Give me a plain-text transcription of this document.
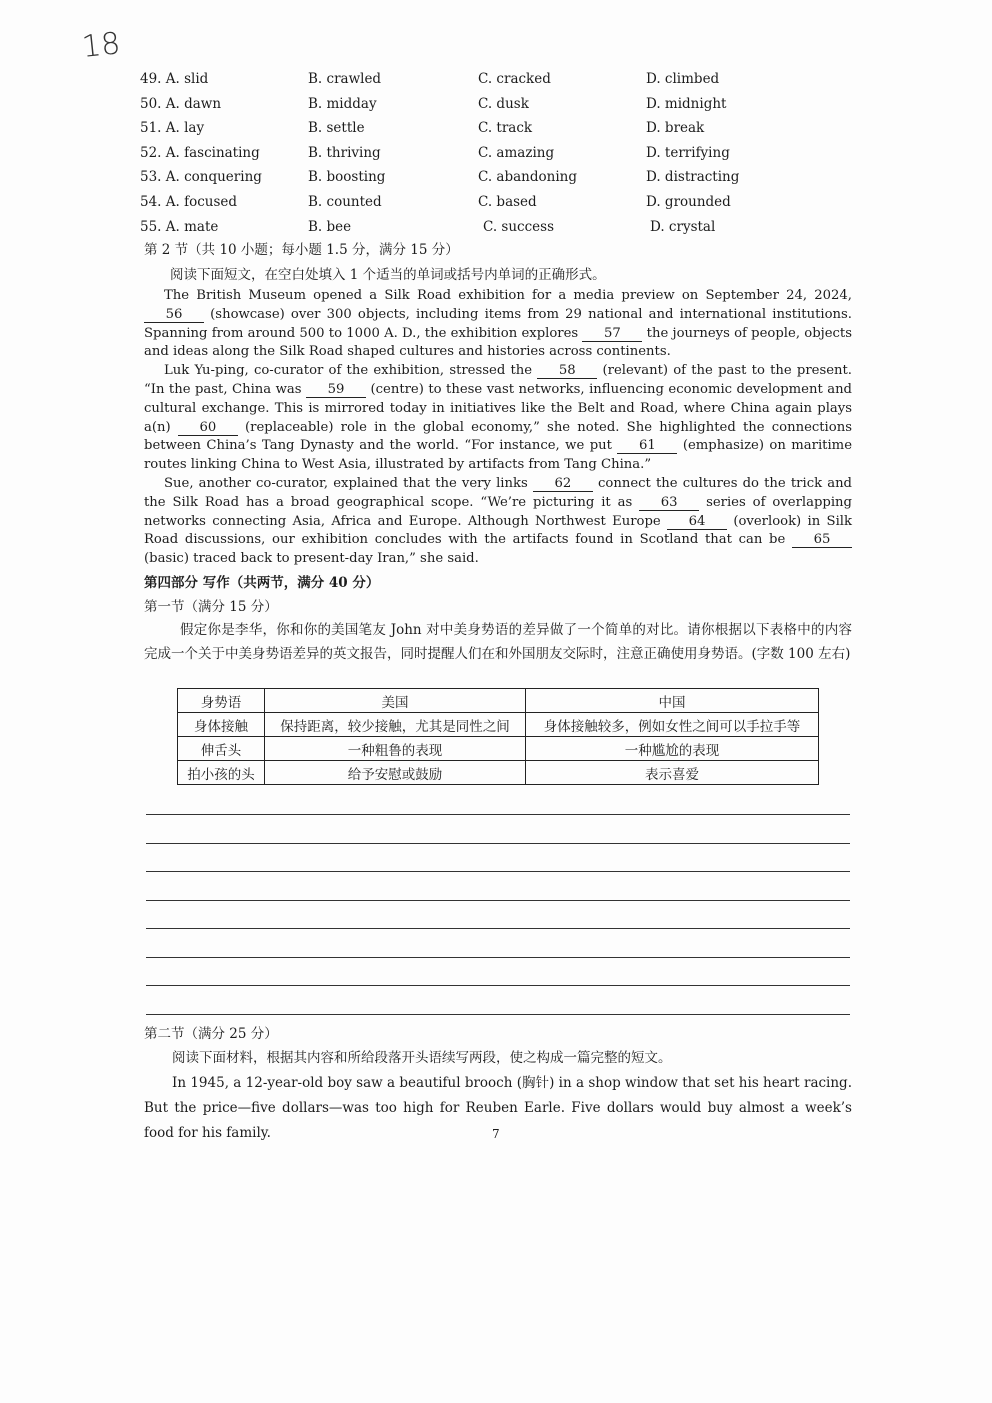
18
49. A. slid	B. crawled	C. cracked	D. climbed
50. A. dawn	B. midday	C. dusk	D. midnight
51. A. lay	B. settle	C. track	D. break
52. A. fascinating	B. thriving	C. amazing	D. terrifying
53. A. conquering	B. boosting	C. abandoning	D. distracting
54. A. focused	B. counted	C. based	D. grounded
55. A. mate	B. bee	C. success	D. crystal
第 2 节（共 10 小题；每小题 1.5 分，满分 15 分）
阅读下面短文，在空白处填入 1 个适当的单词或括号内单词的正确形式。

The British Museum opened a Silk Road exhibition for a media preview on September 24, 2024, 56 (showcase) over 300 objects, including items from 29 national and international institutions. Spanning from around 500 to 1000 A. D., the exhibition explores 57 the journeys of people, objects and ideas along the Silk Road shaped cultures and histories across continents.

Luk Yu-ping, co-curator of the exhibition, stressed the 58 (relevant) of the past to the present. “In the past, China was 59 (centre) to these vast networks, influencing economic development and cultural exchange. This is mirrored today in initiatives like the Belt and Road, where China again plays a(n) 60 (replaceable) role in the global economy,” she noted. She highlighted the connections between China’s Tang Dynasty and the world. “For instance, we put 61 (emphasize) on maritime routes linking China to West Asia, illustrated by artifacts from Tang China.”

Sue, another co-curator, explained that the very links 62 connect the cultures do the trick and the Silk Road has a broad geographical scope. “We’re picturing it as 63 series of overlapping networks connecting Asia, Africa and Europe. Although Northwest Europe 64 (overlook) in Silk Road discussions, our exhibition concludes with the artifacts found in Scotland that can be 65 (basic) traced back to present-day Iran,” she said.

第四部分 写作（共两节，满分 40 分）
第一节（满分 15 分）

假定你是李华，你和你的美国笔友 John 对中美身势语的差异做了一个简单的对比。请你根据以下表格中的内容完成一个关于中美身势语差异的英文报告，同时提醒人们在和外国朋友交际时，注意正确使用身势语。(字数 100 左右)

身势语	美国	中国
身体接触	保持距离，较少接触，尤其是同性之间	身体接触较多，例如女性之间可以手拉手等
伸舌头	一种粗鲁的表现	一种尴尬的表现
拍小孩的头	给予安慰或鼓励	表示喜爱
第二节（满分 25 分）
阅读下面材料，根据其内容和所给段落开头语续写两段，使之构成一篇完整的短文。

In 1945, a 12-year-old boy saw a beautiful brooch (胸针) in a shop window that set his heart racing. But the price—five dollars—was too high for Reuben Earle. Five dollars would buy almost a week’s food for his family.	7
